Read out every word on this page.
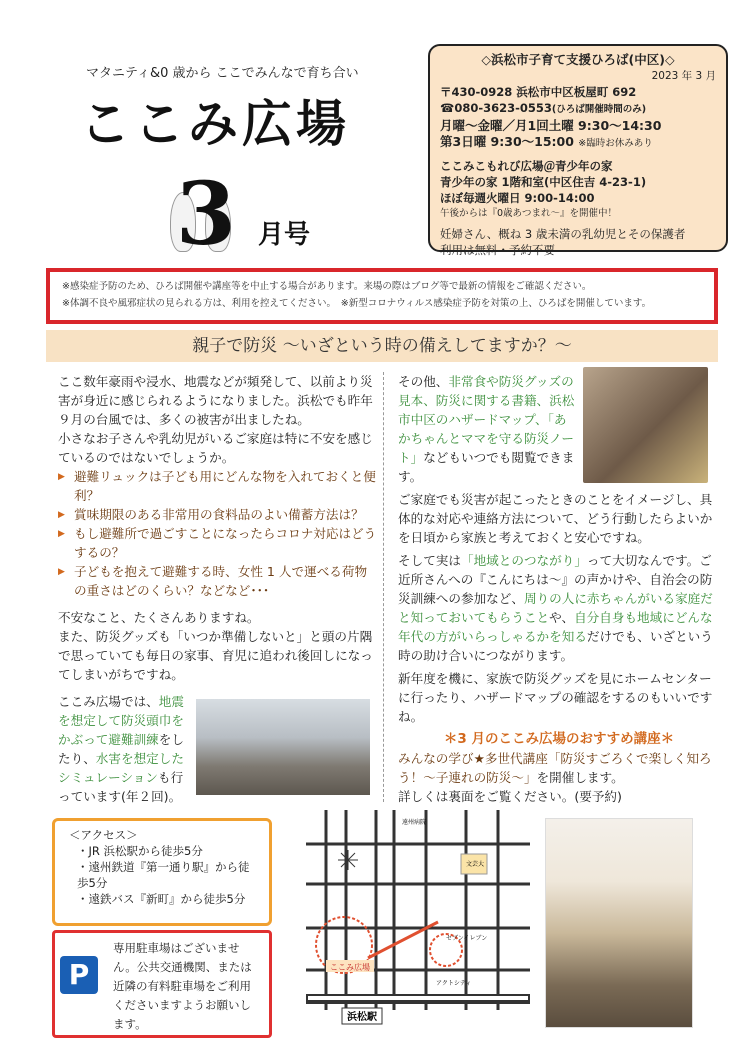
マタニティ&0 歳から ここでみんなで育ち合い
ここみ広場
3 月号
◇浜松市子育て支援ひろば(中区)◇
2023 年 3 月
〒430-0928 浜松市中区板屋町 692
☎080-3623-0553(ひろば開催時間のみ)
月曜～金曜／月1回土曜 9:30～14:30
第3日曜 9:30～15:00 ※臨時お休みあり
ここみこもれび広場＠青少年の家
青少年の家 1階和室(中区住吉 4-23-1)
ほぼ毎週火曜日 9:00-14:00
午後からは『0歳あつまれ～』を開催中！
妊婦さん、概ね 3 歳未満の乳幼児とその保護者
利用は無料・予約不要
※感染症予防のため、ひろば開催や講座等を中止する場合があります。来場の際はブログ等で最新の情報をご確認ください。
※体調不良や風邪症状の見られる方は、利用を控えてください。　 ※新型コロナウィルス感染症予防を対策の上、ひろばを開催しています。
親子で防災 ～いざという時の備えしてますか？～

ここ数年豪雨や浸水、地震などが頻発して、以前より災害が身近に感じられるようになりました。浜松でも昨年９月の台風では、多くの被害が出ましたね。

小さなお子さんや乳幼児がいるご家庭は特に不安を感じているのではないでしょうか。

▶ 避難リュックは子ども用にどんな物を入れておくと便利？

▶ 賞味期限のある非常用の食料品のよい備蓄方法は？

▶ もし避難所で過ごすことになったらコロナ対応はどうするの？

▶ 子どもを抱えて避難する時、女性 1 人で運べる荷物の重さはどのくらい？などなど･･･

不安なこと、たくさんありますね。

また、防災グッズも「いつか準備しないと」と頭の片隅で思っていても毎日の家事、育児に追われ後回しになってしまいがちですね。

ここみ広場では、地震を想定して防災頭巾をかぶって避難訓練をしたり、水害を想定したシミュレーションも行っています(年２回)。

その他、非常食や防災グッズの見本、防災に関する書籍、浜松市中区のハザードマップ、「あかちゃんとママを守る防災ノート」などもいつでも閲覧できます。

ご家庭でも災害が起こったときのことをイメージし、具体的な対応や連絡方法について、どう行動したらよいかを日頃から家族と考えておくと安心ですね。

そして実は「地域とのつながり」って大切なんです。ご近所さんへの『こんにちは～』の声かけや、自治会の防災訓練への参加など、周りの人に赤ちゃんがいる家庭だと知っておいてもらうことや、自分自身も地域にどんな年代の方がいらっしゃるかを知るだけでも、いざという時の助け合いにつながります。

新年度を機に、家族で防災グッズを見にホームセンターに行ったり、ハザードマップの確認をするのもいいですね。

＊3 月のここみ広場のおすすめ講座＊

みんなの学び★多世代講座「防災すごろくで楽しく知ろう！～子連れの防災～」を開催します。

詳しくは裏面をご覧ください。(要予約)

＜アクセス＞
・JR 浜松駅から徒歩5分
・遠州鉄道『第一通り駅』から徒歩5分
・遠鉄バス『新町』から徒歩5分
専用駐車場はございません。公共交通機関、または近隣の有料駐車場をご利用くださいますようお願いします。
P	ここみ広場
浜松駅
遠州病院
アクトシティ
文芸大
セブンイレブン
